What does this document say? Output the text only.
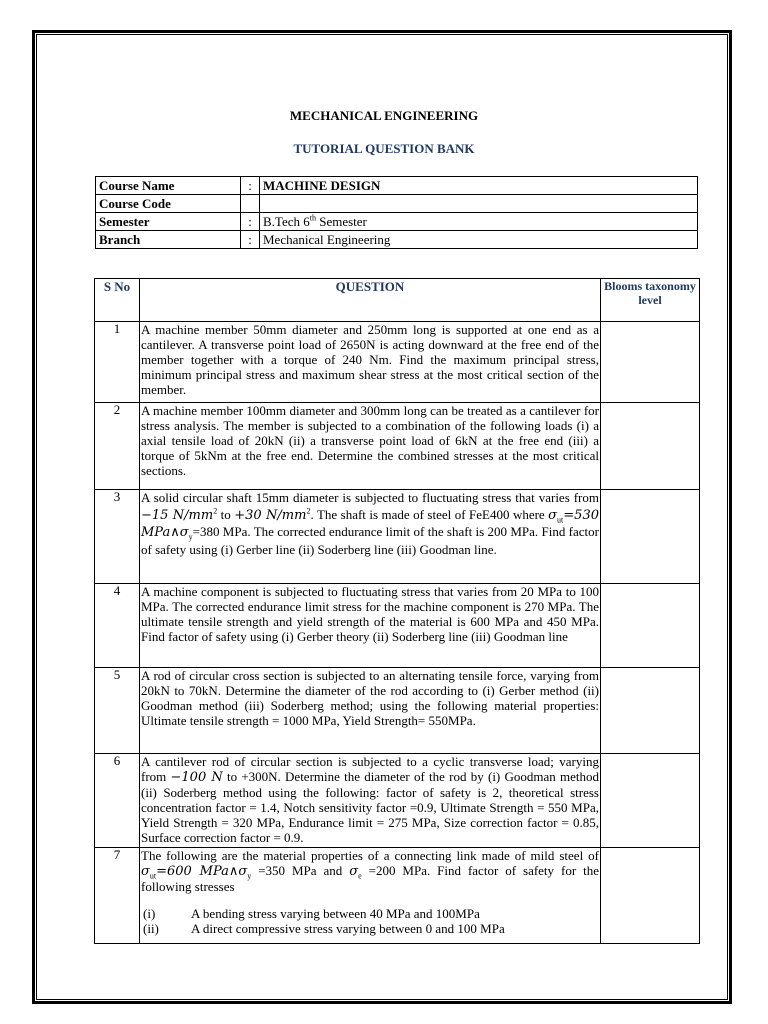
MECHANICAL ENGINEERING
TUTORIAL QUESTION BANK
Course Name	:	MACHINE DESIGN
Course Code		
Semester	:	B.Tech 6th Semester
Branch	:	Mechanical Engineering
S No	QUESTION	Blooms taxonomy level
1	A machine member 50mm diameter and 250mm long is supported at one end as a cantilever. A transverse point load of 2650N is acting downward at the free end of the member together with a torque of 240 Nm. Find the maximum principal stress, minimum principal stress and maximum shear stress at the most critical section of the member.	
2	A machine member 100mm diameter and 300mm long can be treated as a cantilever for stress analysis. The member is subjected to a combination of the following loads (i) a axial tensile load of 20kN (ii) a transverse point load of 6kN at the free end (iii) a torque of 5kNm at the free end. Determine the combined stresses at the most critical sections.	
3	A solid circular shaft 15mm diameter is subjected to fluctuating stress that varies from −15 $N/mm^2$ to +30 $N/mm^2$. The shaft is made of steel of FeE400 where $\sigma_{ut}=530$ $MPa\wedge\sigma_y=380$ MPa. The corrected endurance limit of the shaft is 200 MPa. Find factor of safety using (i) Gerber line (ii) Soderberg line (iii) Goodman line.	
4	A machine component is subjected to fluctuating stress that varies from 20 MPa to 100 MPa. The corrected endurance limit stress for the machine component is 270 MPa. The ultimate tensile strength and yield strength of the material is 600 MPa and 450 MPa. Find factor of safety using (i) Gerber theory (ii) Soderberg line (iii) Goodman line	
5	A rod of circular cross section is subjected to an alternating tensile force, varying from 20kN to 70kN. Determine the diameter of the rod according to (i) Gerber method (ii) Goodman method (iii) Soderberg method; using the following material properties: Ultimate tensile strength = 1000 MPa, Yield Strength= 550MPa.	
6	A cantilever rod of circular section is subjected to a cyclic transverse load; varying from −100 N to +300N. Determine the diameter of the rod by (i) Goodman method (ii) Soderberg method using the following: factor of safety is 2, theoretical stress concentration factor = 1.4, Notch sensitivity factor =0.9, Ultimate Strength = 550 MPa, Yield Strength = 320 MPa, Endurance limit = 275 MPa, Size correction factor = 0.85, Surface correction factor = 0.9.	
7	The following are the material properties of a connecting link made of mild steel of $\sigma_{ut}=600$ $MPa\wedge\sigma_y =350$ MPa and $\sigma_e =200$ MPa. Find factor of safety for the following stresses
(i) A bending stress varying between 40 MPa and 100MPa
(ii) A direct compressive stress varying between 0 and 100 MPa	
